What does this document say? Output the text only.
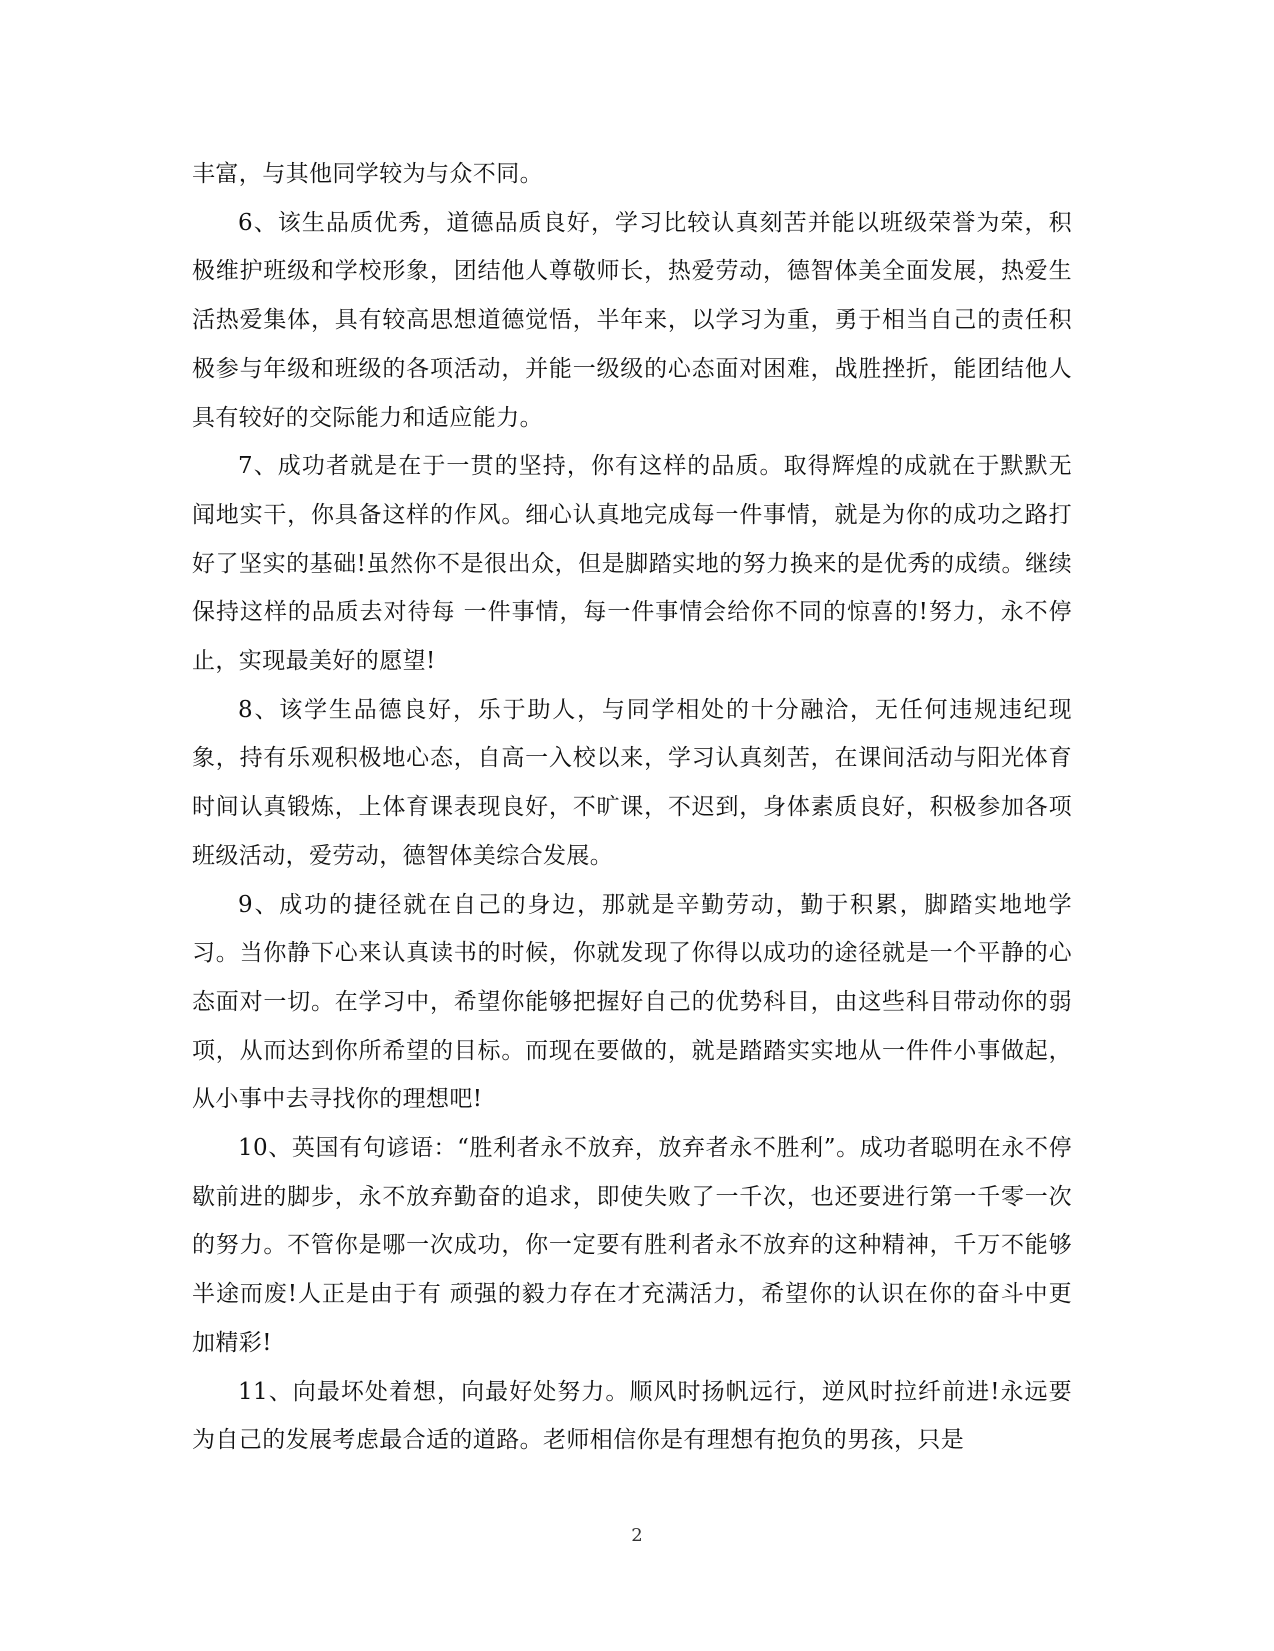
丰富，与其他同学较为与众不同。

6、该生品质优秀，道德品质良好，学习比较认真刻苦并能以班级荣誉为荣，积极维护班级和学校形象，团结他人尊敬师长，热爱劳动，德智体美全面发展，热爱生活热爱集体，具有较高思想道德觉悟，半年来，以学习为重，勇于相当自己的责任积极参与年级和班级的各项活动，并能一级级的心态面对困难，战胜挫折，能团结他人具有较好的交际能力和适应能力。

7、成功者就是在于一贯的坚持，你有这样的品质。取得辉煌的成就在于默默无闻地实干，你具备这样的作风。细心认真地完成每一件事情，就是为你的成功之路打好了坚实的基础!虽然你不是很出众，但是脚踏实地的努力换来的是优秀的成绩。继续保持这样的品质去对待每 一件事情，每一件事情会给你不同的惊喜的!努力，永不停止，实现最美好的愿望!

8、该学生品德良好，乐于助人，与同学相处的十分融洽，无任何违规违纪现象，持有乐观积极地心态，自高一入校以来，学习认真刻苦，在课间活动与阳光体育时间认真锻炼，上体育课表现良好，不旷课，不迟到，身体素质良好，积极参加各项班级活动，爱劳动，德智体美综合发展。

9、成功的捷径就在自己的身边，那就是辛勤劳动，勤于积累，脚踏实地地学习。当你静下心来认真读书的时候，你就发现了你得以成功的途径就是一个平静的心态面对一切。在学习中，希望你能够把握好自己的优势科目，由这些科目带动你的弱项，从而达到你所希望的目标。而现在要做的，就是踏踏实实地从一件件小事做起，从小事中去寻找你的理想吧!

10、英国有句谚语：“胜利者永不放弃，放弃者永不胜利”。成功者聪明在永不停歇前进的脚步，永不放弃勤奋的追求，即使失败了一千次，也还要进行第一千零一次的努力。不管你是哪一次成功，你一定要有胜利者永不放弃的这种精神，千万不能够半途而废!人正是由于有 顽强的毅力存在才充满活力，希望你的认识在你的奋斗中更加精彩!

11、向最坏处着想，向最好处努力。顺风时扬帆远行，逆风时拉纤前进!永远要为自己的发展考虑最合适的道路。老师相信你是有理想有抱负的男孩，只是

2
